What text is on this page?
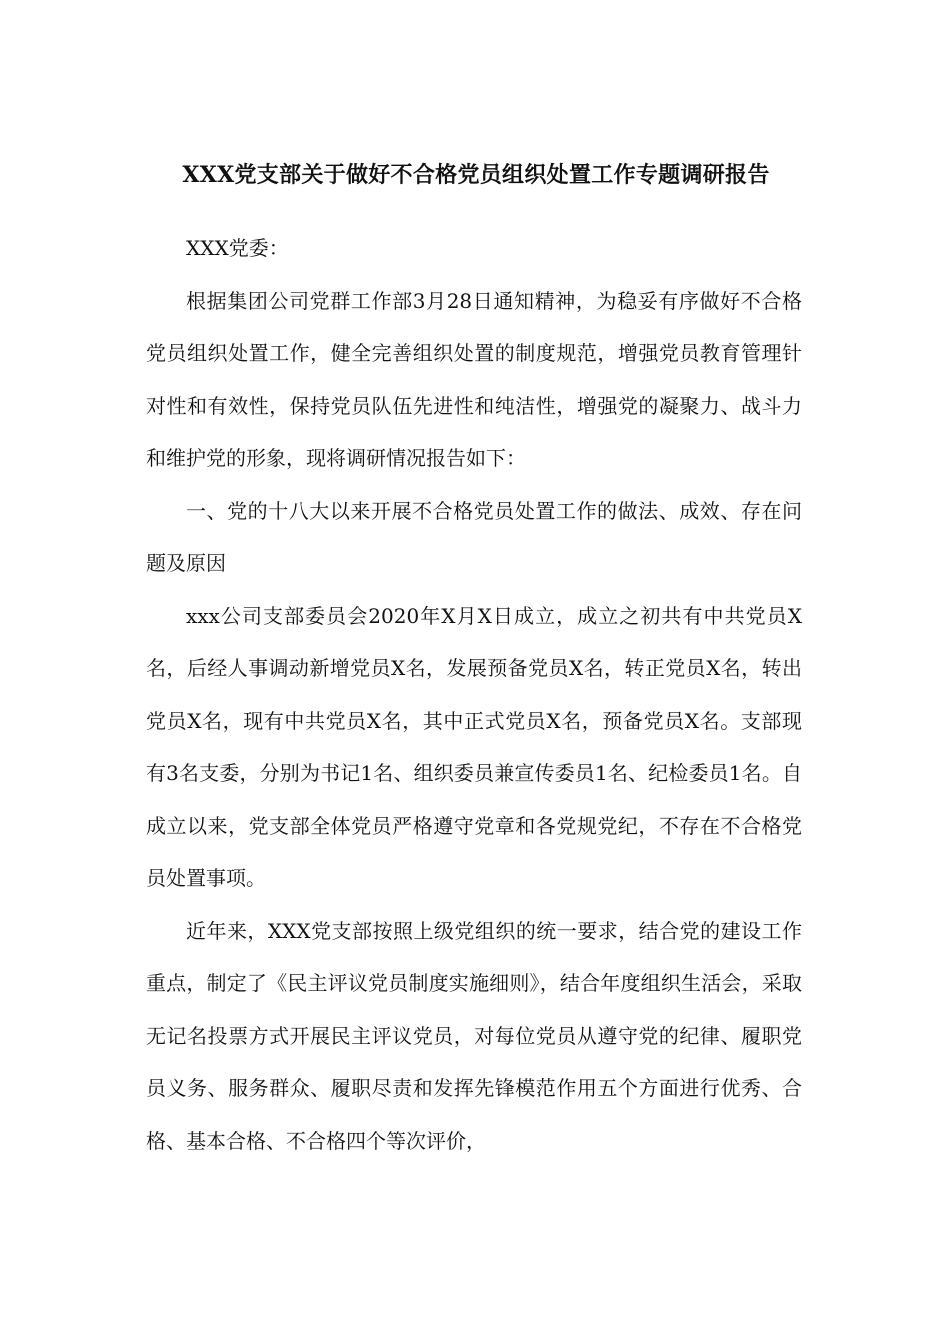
XXX党支部关于做好不合格党员组织处置工作专题调研报告

XXX党委：

根据集团公司党群工作部3月28日通知精神，为稳妥有序做好不合格党员组织处置工作，健全完善组织处置的制度规范，增强党员教育管理针对性和有效性，保持党员队伍先进性和纯洁性，增强党的凝聚力、战斗力和维护党的形象，现将调研情况报告如下：

一、党的十八大以来开展不合格党员处置工作的做法、成效、存在问题及原因

xxx公司支部委员会2020年X月X日成立，成立之初共有中共党员X名，后经人事调动新增党员X名，发展预备党员X名，转正党员X名，转出党员X名，现有中共党员X名，其中正式党员X名，预备党员X名。支部现有3名支委，分别为书记1名、组织委员兼宣传委员1名、纪检委员1名。自成立以来，党支部全体党员严格遵守党章和各党规党纪，不存在不合格党员处置事项。

近年来，XXX党支部按照上级党组织的统一要求，结合党的建设工作重点，制定了《民主评议党员制度实施细则》，结合年度组织生活会，采取无记名投票方式开展民主评议党员，对每位党员从遵守党的纪律、履职党员义务、服务群众、履职尽责和发挥先锋模范作用五个方面进行优秀、合格、基本合格、不合格四个等次评价，
